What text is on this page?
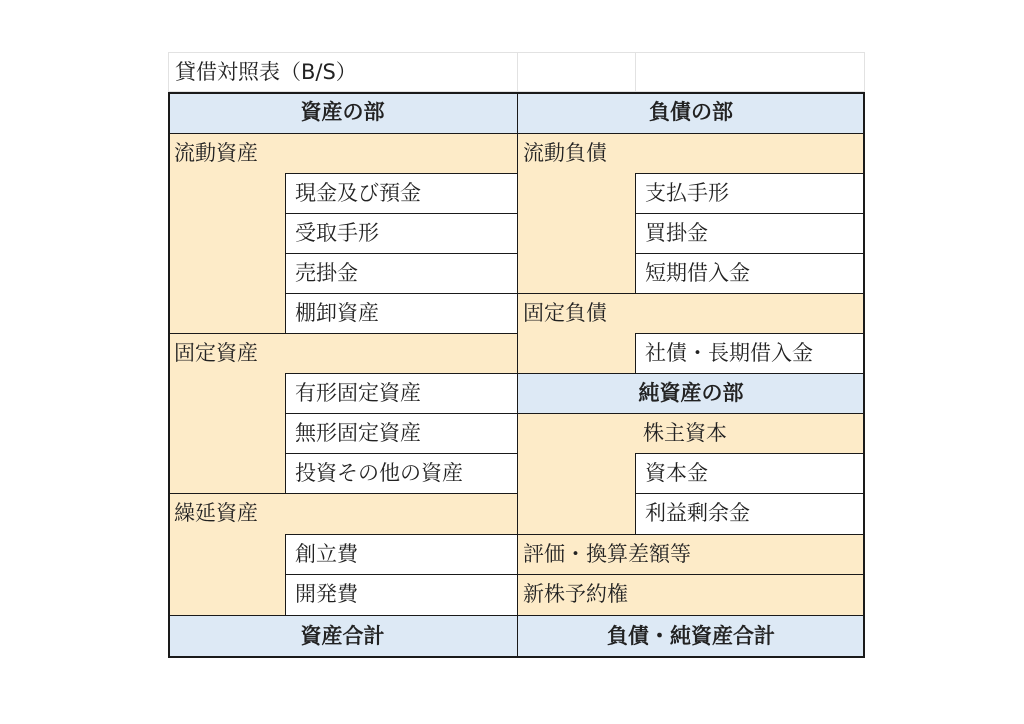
貸借対照表（B/S）
資産の部	負債の部
流動資産
現金及び預金
受取手形
売掛金
棚卸資産
固定資産
有形固定資産
無形固定資産
投資その他の資産
繰延資産
創立費
開発費
流動負債
支払手形
買掛金
短期借入金
固定負債
社債・長期借入金
純資産の部
株主資本
資本金
利益剰余金
評価・換算差額等
新株予約権
資産合計	負債・純資産合計
